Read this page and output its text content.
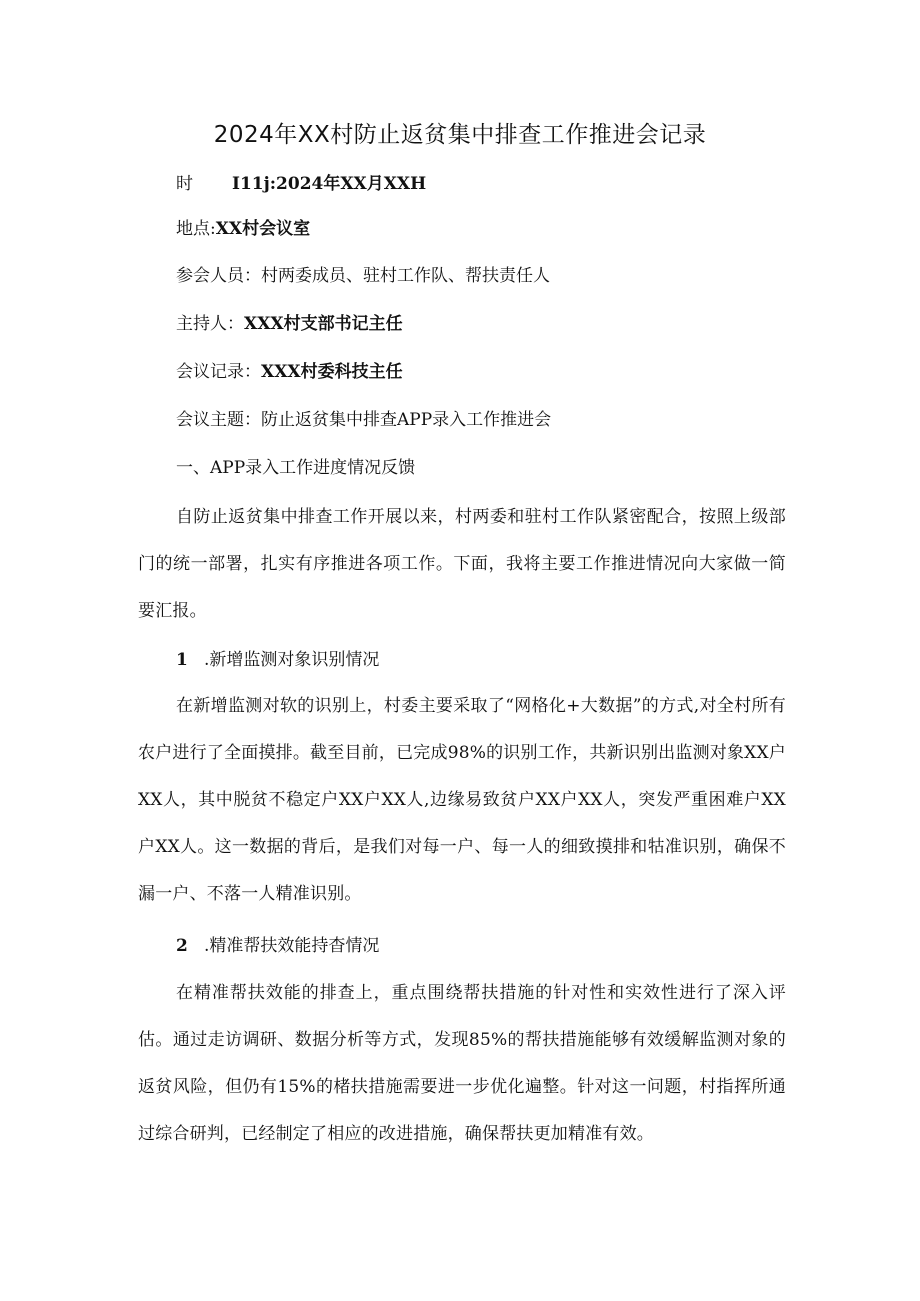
2024年XX村防止返贫集中排查工作推进会记录
时 I11j:2024年XX月XXH
地点:XX村会议室
参会人员：村两委成员、驻村工作队、帮扶责任人
主持人：XXX村支部书记主任
会议记录：XXX村委科技主任
会议主题：防止返贫集中排查APP录入工作推进会
一、APP录入工作进度情况反馈
自防止返贫集中排查工作开展以来，村两委和驻村工作队紧密配合，按照上级部门的统一部署，扎实有序推进各项工作。下面，我将主要工作推进情况向大家做一简要汇报。
1 .新增监测对象识别情况
在新增监测对软的识别上，村委主要采取了“网格化+大数据”的方式,对全村所有农户进行了全面摸排。截至目前，已完成98%的识别工作，共新识别出监测对象XX户XX人，其中脱贫不稳定户XX户XX人,边缘易致贫户XX户XX人，突发严重困难户XX户XX人。这一数据的背后，是我们对每一户、每一人的细致摸排和牯准识别，确保不漏一户、不落一人精准识别。
2 .精准帮扶效能持杳情况
在精准帮扶效能的排查上，重点围绕帮扶措施的针对性和实效性进行了深入评估。通过走访调研、数据分析等方式，发现85%的帮扶措施能够有效缓解监测对象的返贫风险，但仍有15%的楮扶措施需要进一步优化遍整。针对这一问题，村指挥所通过综合研判，已经制定了相应的改进措施，确保帮扶更加精准有效。
